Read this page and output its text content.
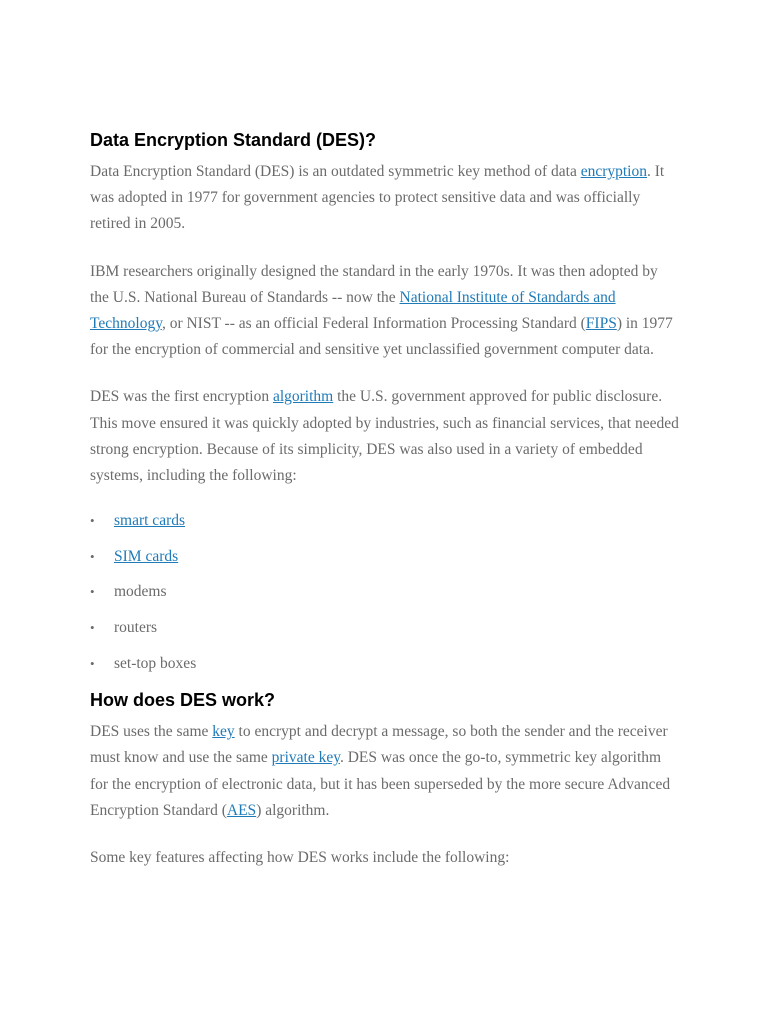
Data Encryption Standard (DES)?

Data Encryption Standard (DES) is an outdated symmetric key method of data encryption. It was adopted in 1977 for government agencies to protect sensitive data and was officially retired in 2005.

IBM researchers originally designed the standard in the early 1970s. It was then adopted by the U.S. National Bureau of Standards -- now the National Institute of Standards and Technology, or NIST -- as an official Federal Information Processing Standard (FIPS) in 1977 for the encryption of commercial and sensitive yet unclassified government computer data.

DES was the first encryption algorithm the U.S. government approved for public disclosure. This move ensured it was quickly adopted by industries, such as financial services, that needed strong encryption. Because of its simplicity, DES was also used in a variety of embedded systems, including the following:

• smart cards
• SIM cards
• modems
• routers
• set-top boxes
How does DES work?

DES uses the same key to encrypt and decrypt a message, so both the sender and the receiver must know and use the same private key. DES was once the go-to, symmetric key algorithm for the encryption of electronic data, but it has been superseded by the more secure Advanced Encryption Standard (AES) algorithm.

Some key features affecting how DES works include the following:
